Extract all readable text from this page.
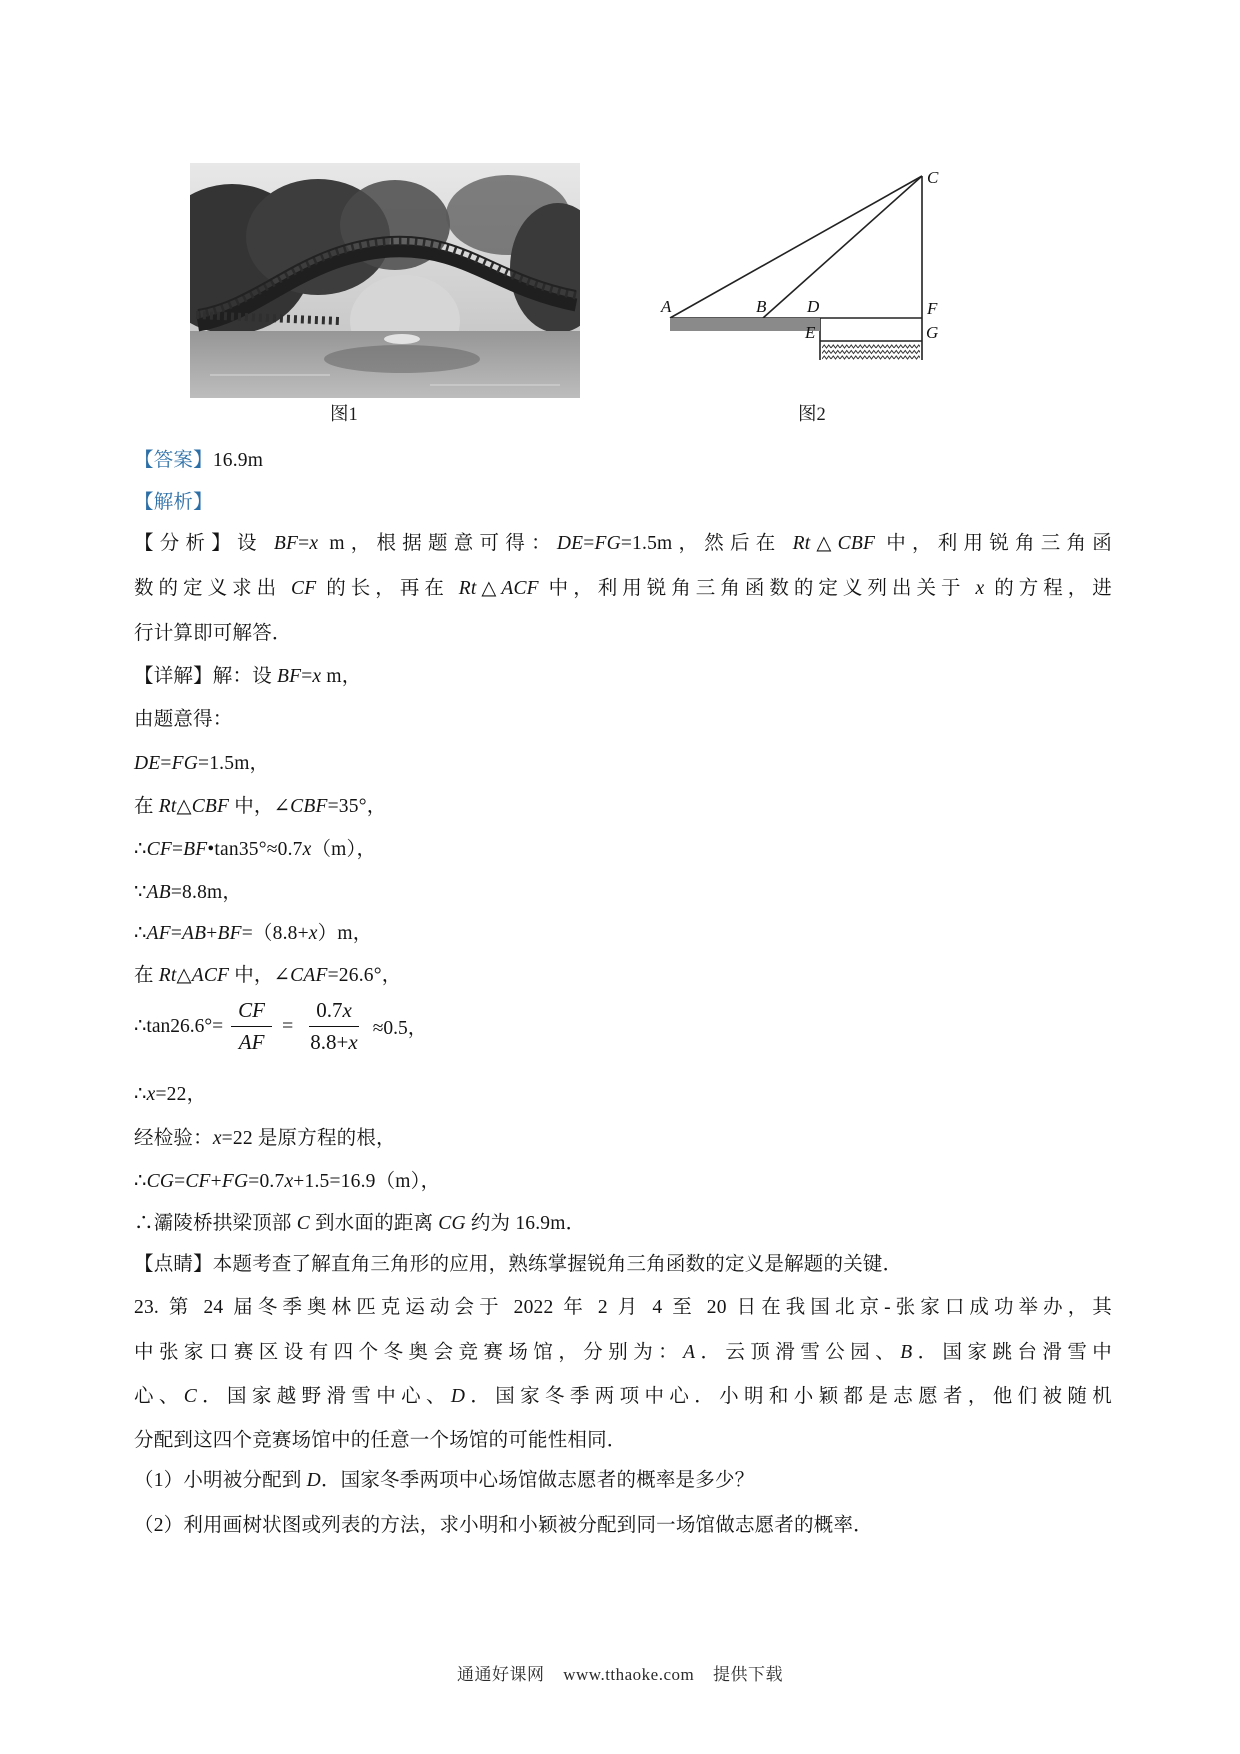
A	B
C
D
E
F
G
图1	图2
【答案】16.9m
【解析】
【分析】设 BF=x m，根据题意可得：DE=FG=1.5m，然后在 Rt△CBF 中，利用锐角三角函
数的定义求出 CF 的长，再在 Rt△ACF 中，利用锐角三角函数的定义列出关于 x 的方程，进
行计算即可解答．
【详解】解：设 BF=x m，
由题意得：
DE=FG=1.5m，
在 Rt△CBF 中，∠CBF=35°，
∴CF=BF•tan35°≈0.7x（m），
∵AB=8.8m，
∴AF=AB+BF=（8.8+x）m，
在 Rt△ACF 中，∠CAF=26.6°，
∴tan26.6°= $\frac{CF}{AF} = \frac{0.7x}{8.8+x} \approx 0.5$，
∴x=22，
经检验：x=22 是原方程的根，
∴CG=CF+FG=0.7x+1.5=16.9（m），
∴灞陵桥拱梁顶部 C 到水面的距离 CG 约为 16.9m．
【点睛】本题考查了解直角三角形的应用，熟练掌握锐角三角函数的定义是解题的关键．
23. 第 24 届冬季奥林匹克运动会于 2022 年 2 月 4 至 20 日在我国北京-张家口成功举办，其
中张家口赛区设有四个冬奥会竞赛场馆，分别为：A．云顶滑雪公园、B．国家跳台滑雪中
心、C．国家越野滑雪中心、D．国家冬季两项中心．小明和小颖都是志愿者，他们被随机
分配到这四个竞赛场馆中的任意一个场馆的可能性相同．
（1）小明被分配到 D．国家冬季两项中心场馆做志愿者的概率是多少？
（2）利用画树状图或列表的方法，求小明和小颖被分配到同一场馆做志愿者的概率．
通通好课网 www.tthaoke.com 提供下载
